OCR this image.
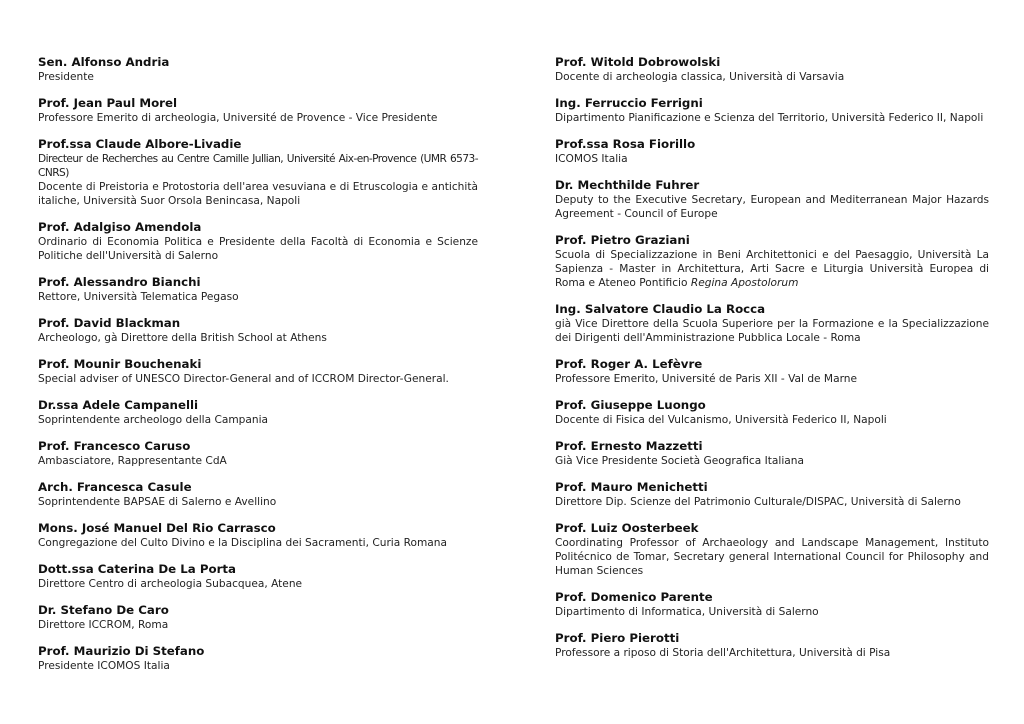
Sen. Alfonso Andria
Presidente
Prof. Jean Paul Morel
Professore Emerito di archeologia, Université de Provence - Vice Presidente
Prof.ssa Claude Albore-Livadie
Directeur de Recherches au Centre Camille Jullian, Université Aix-en-Provence (UMR 6573-CNRS)
Docente di Preistoria e Protostoria dell'area vesuviana e di Etruscologia e antichità italiche, Università Suor Orsola Benincasa, Napoli
Prof. Adalgiso Amendola
Ordinario di Economia Politica e Presidente della Facoltà di Economia e Scienze Politiche dell'Università di Salerno
Prof. Alessandro Bianchi
Rettore, Università Telematica Pegaso
Prof. David Blackman
Archeologo, gà Direttore della British School at Athens
Prof. Mounir Bouchenaki
Special adviser of UNESCO Director-General and of ICCROM Director-General.
Dr.ssa Adele Campanelli
Soprintendente archeologo della Campania
Prof. Francesco Caruso
Ambasciatore, Rappresentante CdA
Arch. Francesca Casule
Soprintendente BAPSAE di Salerno e Avellino
Mons. José Manuel Del Rio Carrasco
Congregazione del Culto Divino e la Disciplina dei Sacramenti, Curia Romana
Dott.ssa Caterina De La Porta
Direttore Centro di archeologia Subacquea, Atene
Dr. Stefano De Caro
Direttore ICCROM, Roma
Prof. Maurizio Di Stefano
Presidente ICOMOS Italia
Prof. Witold Dobrowolski
Docente di archeologia classica, Università di Varsavia
Ing. Ferruccio Ferrigni
Dipartimento Pianificazione e Scienza del Territorio, Università Federico II, Napoli
Prof.ssa Rosa Fiorillo
ICOMOS Italia
Dr. Mechthilde Fuhrer
Deputy to the Executive Secretary, European and Mediterranean Major Hazards Agreement - Council of Europe
Prof. Pietro Graziani
Scuola di Specializzazione in Beni Architettonici e del Paesaggio, Università La Sapienza - Master in Architettura, Arti Sacre e Liturgia Università Europea di Roma e Ateneo Pontificio Regina Apostolorum
Ing. Salvatore Claudio La Rocca
già Vice Direttore della Scuola Superiore per la Formazione e la Specializzazione dei Dirigenti dell'Amministrazione Pubblica Locale - Roma
Prof. Roger A. Lefèvre
Professore Emerito, Université de Paris XII - Val de Marne
Prof. Giuseppe Luongo
Docente di Fisica del Vulcanismo, Università Federico II, Napoli
Prof. Ernesto Mazzetti
Già Vice Presidente Società Geografica Italiana
Prof. Mauro Menichetti
Direttore Dip. Scienze del Patrimonio Culturale/DISPAC, Università di Salerno
Prof. Luiz Oosterbeek
Coordinating Professor of Archaeology and Landscape Management, Instituto Politécnico de Tomar, Secretary general International Council for Philosophy and Human Sciences
Prof. Domenico Parente
Dipartimento di Informatica, Università di Salerno
Prof. Piero Pierotti
Professore a riposo di Storia dell'Architettura, Università di Pisa
